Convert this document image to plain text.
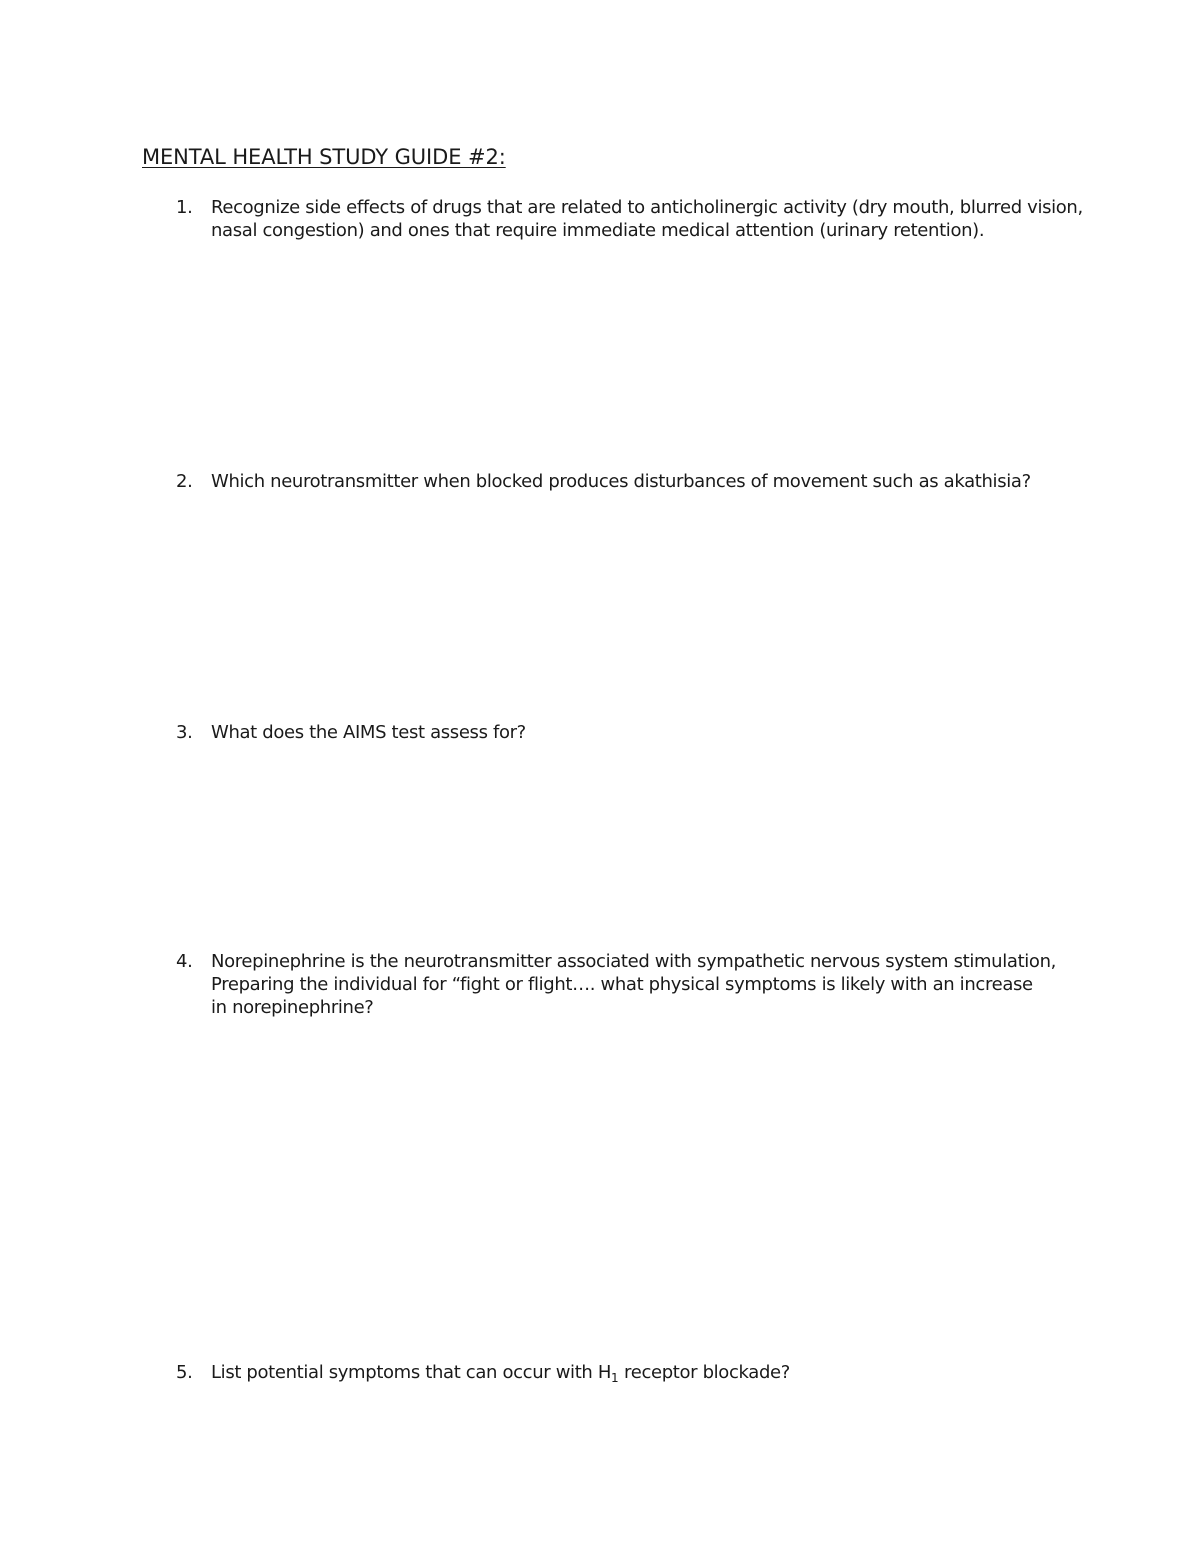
MENTAL HEALTH STUDY GUIDE #2:
1. Recognize side effects of drugs that are related to anticholinergic activity (dry mouth, blurred vision,
nasal congestion) and ones that require immediate medical attention (urinary retention).
2. Which neurotransmitter when blocked produces disturbances of movement such as akathisia?
3. What does the AIMS test assess for?
4. Norepinephrine is the neurotransmitter associated with sympathetic nervous system stimulation,
Preparing the individual for “fight or flight…. what physical symptoms is likely with an increase
in norepinephrine?
5. List potential symptoms that can occur with $H_1$ receptor blockade?
